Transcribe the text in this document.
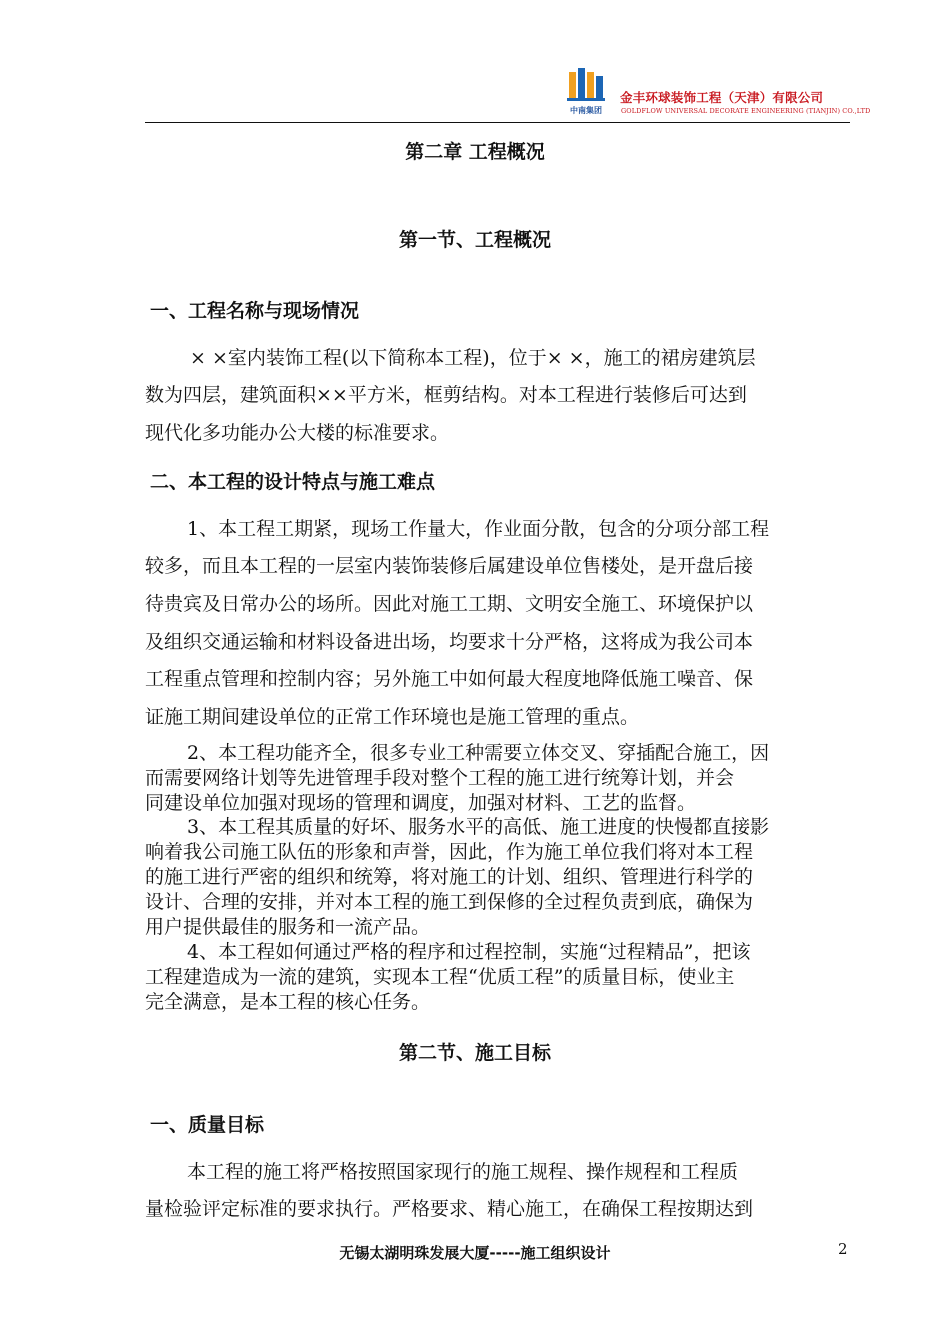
中南集团
金丰环球装饰工程（天津）有限公司
GOLDFLOW UNIVERSAL DECORATE ENGINEERING (TIANJIN) CO.,LTD
第二章 工程概况
第一节、工程概况
一、工程名称与现场情况
× ×室内装饰工程(以下简称本工程)，位于× ×，施工的裙房建筑层
数为四层，建筑面积××平方米，框剪结构。对本工程进行装修后可达到
现代化多功能办公大楼的标准要求。
二、本工程的设计特点与施工难点
1、本工程工期紧，现场工作量大，作业面分散，包含的分项分部工程
较多，而且本工程的一层室内装饰装修后属建设单位售楼处，是开盘后接
待贵宾及日常办公的场所。因此对施工工期、文明安全施工、环境保护以
及组织交通运输和材料设备进出场，均要求十分严格，这将成为我公司本
工程重点管理和控制内容；另外施工中如何最大程度地降低施工噪音、保
证施工期间建设单位的正常工作环境也是施工管理的重点。
2、本工程功能齐全，很多专业工种需要立体交叉、穿插配合施工，因
而需要网络计划等先进管理手段对整个工程的施工进行统筹计划，并会
同建设单位加强对现场的管理和调度，加强对材料、工艺的监督。
3、本工程其质量的好坏、服务水平的高低、施工进度的快慢都直接影
响着我公司施工队伍的形象和声誉，因此，作为施工单位我们将对本工程
的施工进行严密的组织和统筹，将对施工的计划、组织、管理进行科学的
设计、合理的安排，并对本工程的施工到保修的全过程负责到底，确保为
用户提供最佳的服务和一流产品。
4、本工程如何通过严格的程序和过程控制，实施“过程精品”，把该
工程建造成为一流的建筑，实现本工程“优质工程”的质量目标，使业主
完全满意，是本工程的核心任务。
第二节、施工目标
一、质量目标
本工程的施工将严格按照国家现行的施工规程、操作规程和工程质
量检验评定标准的要求执行。严格要求、精心施工，在确保工程按期达到
无锡太湖明珠发展大厦-----施工组织设计	2
